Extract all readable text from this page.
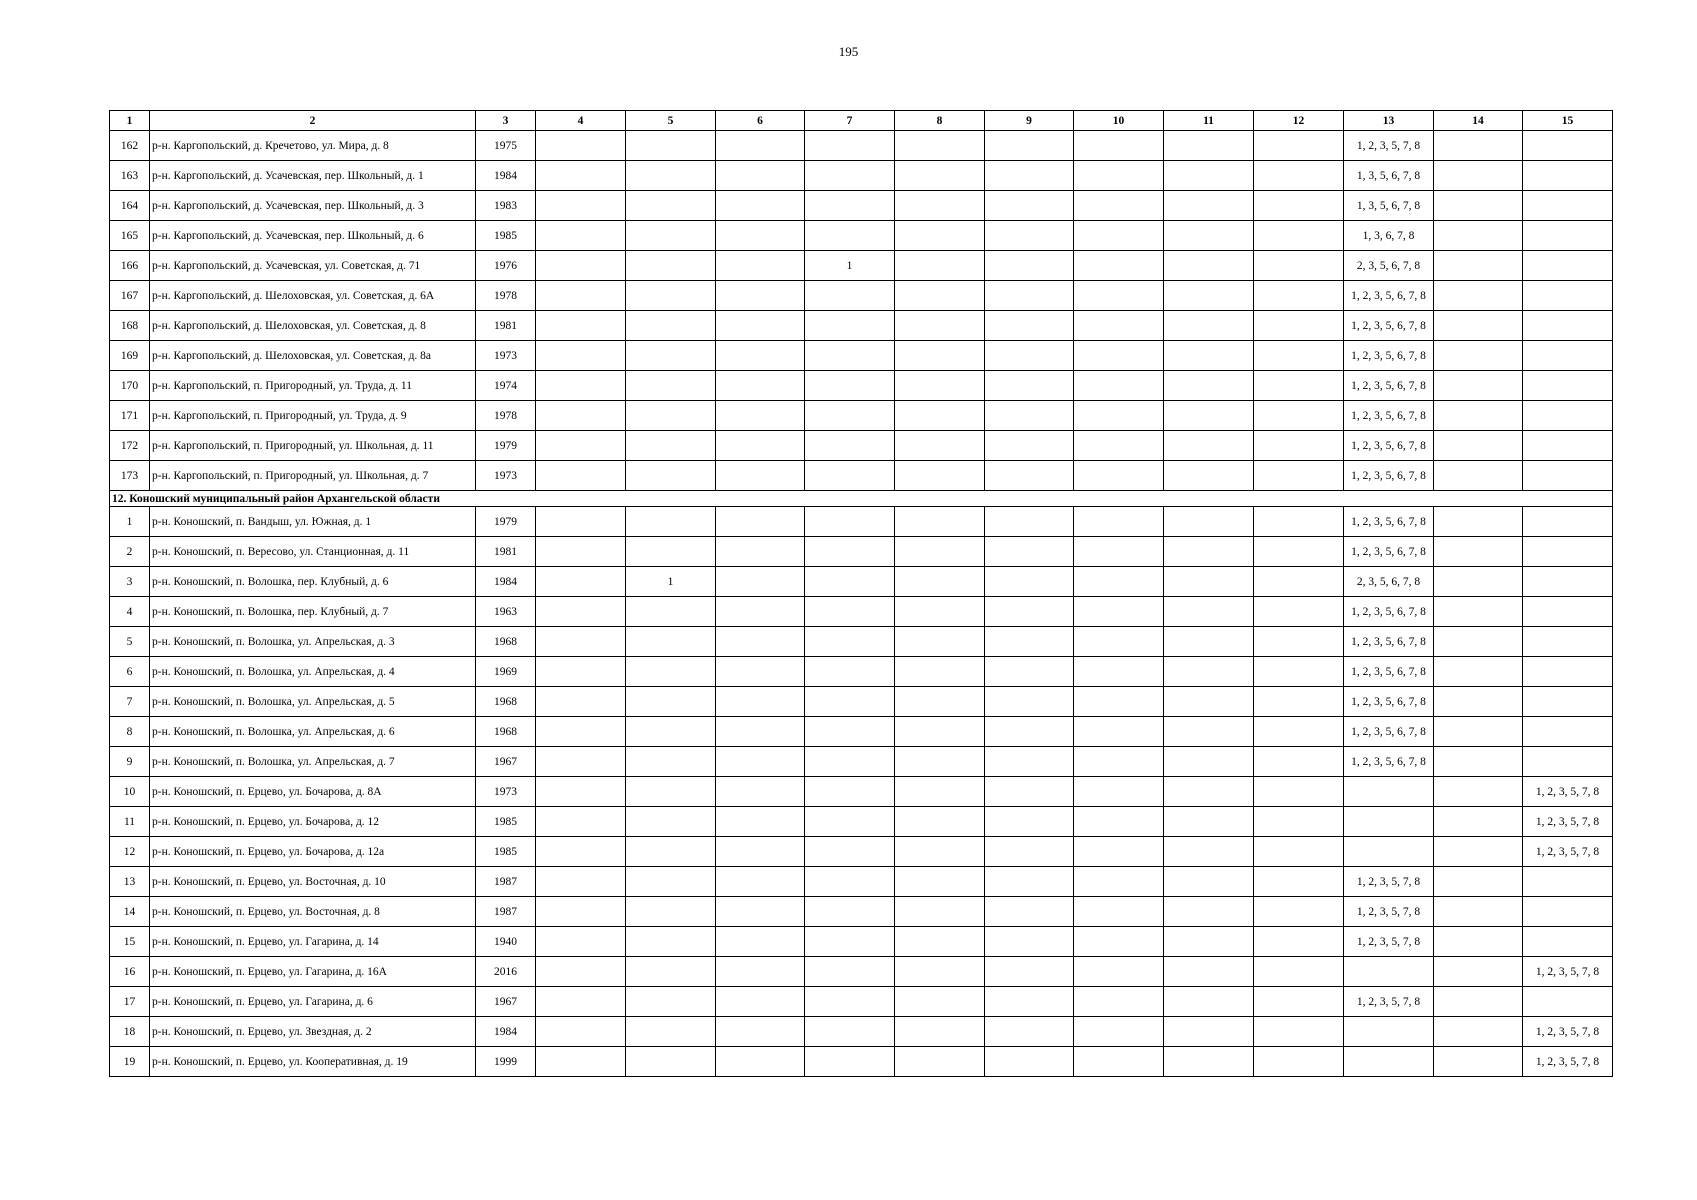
195
1	2	3	4	5	6	7	8	9	10	11	12	13	14	15
162	р-н. Каргопольский, д. Кречетово, ул. Мира, д. 8	1975										1, 2, 3, 5, 7, 8		
163	р-н. Каргопольский, д. Усачевская, пер. Школьный, д. 1	1984										1, 3, 5, 6, 7, 8		
164	р-н. Каргопольский, д. Усачевская, пер. Школьный, д. 3	1983										1, 3, 5, 6, 7, 8		
165	р-н. Каргопольский, д. Усачевская, пер. Школьный, д. 6	1985										1, 3, 6, 7, 8		
166	р-н. Каргопольский, д. Усачевская, ул. Советская, д. 71	1976				1						2, 3, 5, 6, 7, 8		
167	р-н. Каргопольский, д. Шелоховская, ул. Советская, д. 6А	1978										1, 2, 3, 5, 6, 7, 8		
168	р-н. Каргопольский, д. Шелоховская, ул. Советская, д. 8	1981										1, 2, 3, 5, 6, 7, 8		
169	р-н. Каргопольский, д. Шелоховская, ул. Советская, д. 8а	1973										1, 2, 3, 5, 6, 7, 8		
170	р-н. Каргопольский, п. Пригородный, ул. Труда, д. 11	1974										1, 2, 3, 5, 6, 7, 8		
171	р-н. Каргопольский, п. Пригородный, ул. Труда, д. 9	1978										1, 2, 3, 5, 6, 7, 8		
172	р-н. Каргопольский, п. Пригородный, ул. Школьная, д. 11	1979										1, 2, 3, 5, 6, 7, 8		
173	р-н. Каргопольский, п. Пригородный, ул. Школьная, д. 7	1973										1, 2, 3, 5, 6, 7, 8		
12. Коношский муниципальный район Архангельской области														
1	р-н. Коношский, п. Вандыш, ул. Южная, д. 1	1979										1, 2, 3, 5, 6, 7, 8		
2	р-н. Коношский, п. Вересово, ул. Станционная, д. 11	1981										1, 2, 3, 5, 6, 7, 8		
3	р-н. Коношский, п. Волошка, пер. Клубный, д. 6	1984		1								2, 3, 5, 6, 7, 8		
4	р-н. Коношский, п. Волошка, пер. Клубный, д. 7	1963										1, 2, 3, 5, 6, 7, 8		
5	р-н. Коношский, п. Волошка, ул. Апрельская, д. 3	1968										1, 2, 3, 5, 6, 7, 8		
6	р-н. Коношский, п. Волошка, ул. Апрельская, д. 4	1969										1, 2, 3, 5, 6, 7, 8		
7	р-н. Коношский, п. Волошка, ул. Апрельская, д. 5	1968										1, 2, 3, 5, 6, 7, 8		
8	р-н. Коношский, п. Волошка, ул. Апрельская, д. 6	1968										1, 2, 3, 5, 6, 7, 8		
9	р-н. Коношский, п. Волошка, ул. Апрельская, д. 7	1967										1, 2, 3, 5, 6, 7, 8		
10	р-н. Коношский, п. Ерцево, ул. Бочарова, д. 8А	1973												1, 2, 3, 5, 7, 8
11	р-н. Коношский, п. Ерцево, ул. Бочарова, д. 12	1985												1, 2, 3, 5, 7, 8
12	р-н. Коношский, п. Ерцево, ул. Бочарова, д. 12а	1985												1, 2, 3, 5, 7, 8
13	р-н. Коношский, п. Ерцево, ул. Восточная, д. 10	1987										1, 2, 3, 5, 7, 8		
14	р-н. Коношский, п. Ерцево, ул. Восточная, д. 8	1987										1, 2, 3, 5, 7, 8		
15	р-н. Коношский, п. Ерцево, ул. Гагарина, д. 14	1940										1, 2, 3, 5, 7, 8		
16	р-н. Коношский, п. Ерцево, ул. Гагарина, д. 16А	2016												1, 2, 3, 5, 7, 8
17	р-н. Коношский, п. Ерцево, ул. Гагарина, д. 6	1967										1, 2, 3, 5, 7, 8		
18	р-н. Коношский, п. Ерцево, ул. Звездная, д. 2	1984												1, 2, 3, 5, 7, 8
19	р-н. Коношский, п. Ерцево, ул. Кооперативная, д. 19	1999												1, 2, 3, 5, 7, 8
